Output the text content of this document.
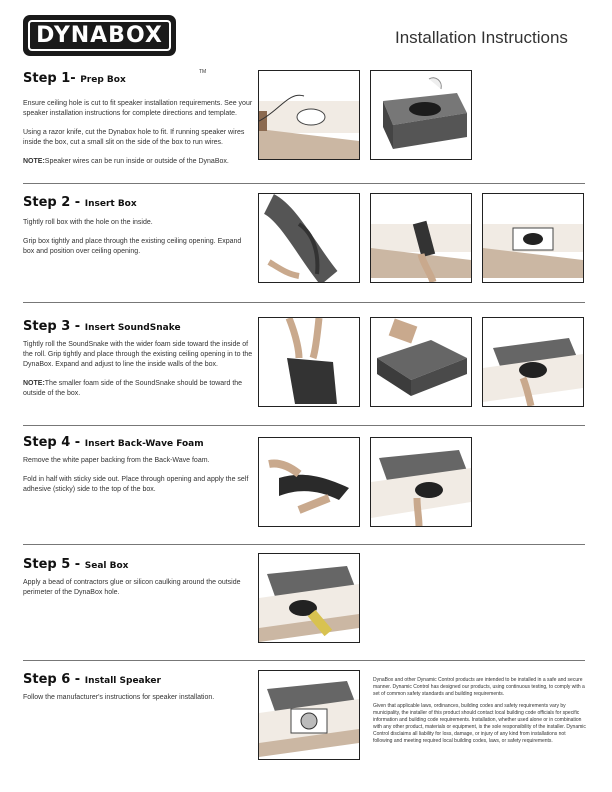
DYNABOX
TM
Installation Instructions
Step 1- Prep Box

Ensure ceiling hole is cut to fit speaker installation requirements. See your speaker installation instructions for complete directions and template.

Using a razor knife, cut the Dynabox hole to fit. If running speaker wires inside the box, cut a small slit on the side of the box to run wires.

NOTE:Speaker wires can be run inside or outside of the DynaBox.

Step 2 - Insert Box

Tightly roll box with the hole on the inside.

Grip box tightly and place through the existing ceiling opening. Expand box and position over ceiling opening.

Step 3 - Insert SoundSnake

Tightly roll the SoundSnake with the wider foam side toward the inside of the roll. Grip tightly and place through the existing ceiling opening in to the DynaBox. Expand and adjust to line the inside walls of the box.

NOTE:The smaller foam side of the SoundSnake should be toward the outside of the box.

Step 4 - Insert Back-Wave Foam

Remove the white paper backing from the Back-Wave foam.

Fold in half with sticky side out. Place through opening and apply the self adhesive (sticky) side to the top of the box.

Step 5 - Seal Box

Apply a bead of contractors glue or silicon caulking around the outside perimeter of the DynaBox hole.

Step 6 - Install Speaker

Follow the manufacturer's instructions for speaker installation.

DynaBox and other Dynamic Control products are intended to be installed in a safe and secure manner. Dynamic Control has designed our products, using continuous testing, to comply with a set of common safety standards and building requirements.

Given that applicable laws, ordinances, building codes and safety requirements vary by municipality, the installer of this product should contact local building code officials for specific information and building code requirements. Installation, whether used alone or in combination with any other product, materials or equipment, is the sole responsibility of the installer. Dynamic Control disclaims all liability for loss, damage, or injury of any kind from installations not following and meeting required local building codes, laws, or safety requirements.
